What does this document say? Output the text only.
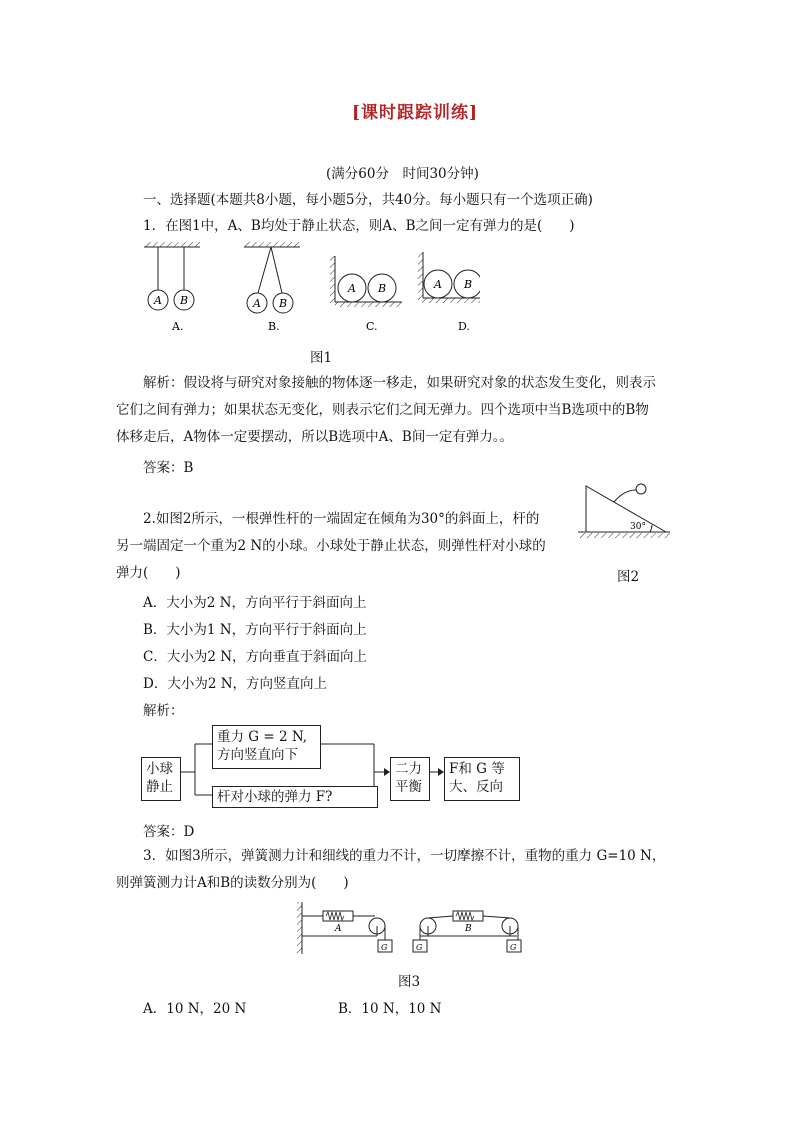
[课时跟踪训练]
(满分60分　时间30分钟)
一、选择题(本题共8小题，每小题5分，共40分。每小题只有一个选项正确)
1．在图1中，A、B均处于静止状态，则A、B之间一定有弹力的是(　　)
A B
A.
A B
B.
A B
C.
A B
D.
图1
解析：假设将与研究对象接触的物体逐一移走，如果研究对象的状态发生变化，则表示
它们之间有弹力；如果状态无变化，则表示它们之间无弹力。四个选项中当B选项中的B物
体移走后，A物体一定要摆动，所以B选项中A、B间一定有弹力。。
答案：B
2.如图2所示，一根弹性杆的一端固定在倾角为30°的斜面上，杆的
另一端固定一个重为2 N的小球。小球处于静止状态，则弹性杆对小球的
弹力(　　)
30°
图2
A．大小为2 N，方向平行于斜面向上
B．大小为1 N，方向平行于斜面向上
C．大小为2 N，方向垂直于斜面向上
D．大小为2 N，方向竖直向上
解析：
小球
静止
重力 G = 2 N,
方向竖直向下
杆对小球的弹力 F?
二力
平衡
F和 G 等
大、反向
答案：D
3．如图3所示，弹簧测力计和细线的重力不计，一切摩擦不计，重物的重力 G=10 N，
则弹簧测力计A和B的读数分别为(　　)
A
G
B
G	G
图3
A．10 N，20 N	B．10 N，10 N
